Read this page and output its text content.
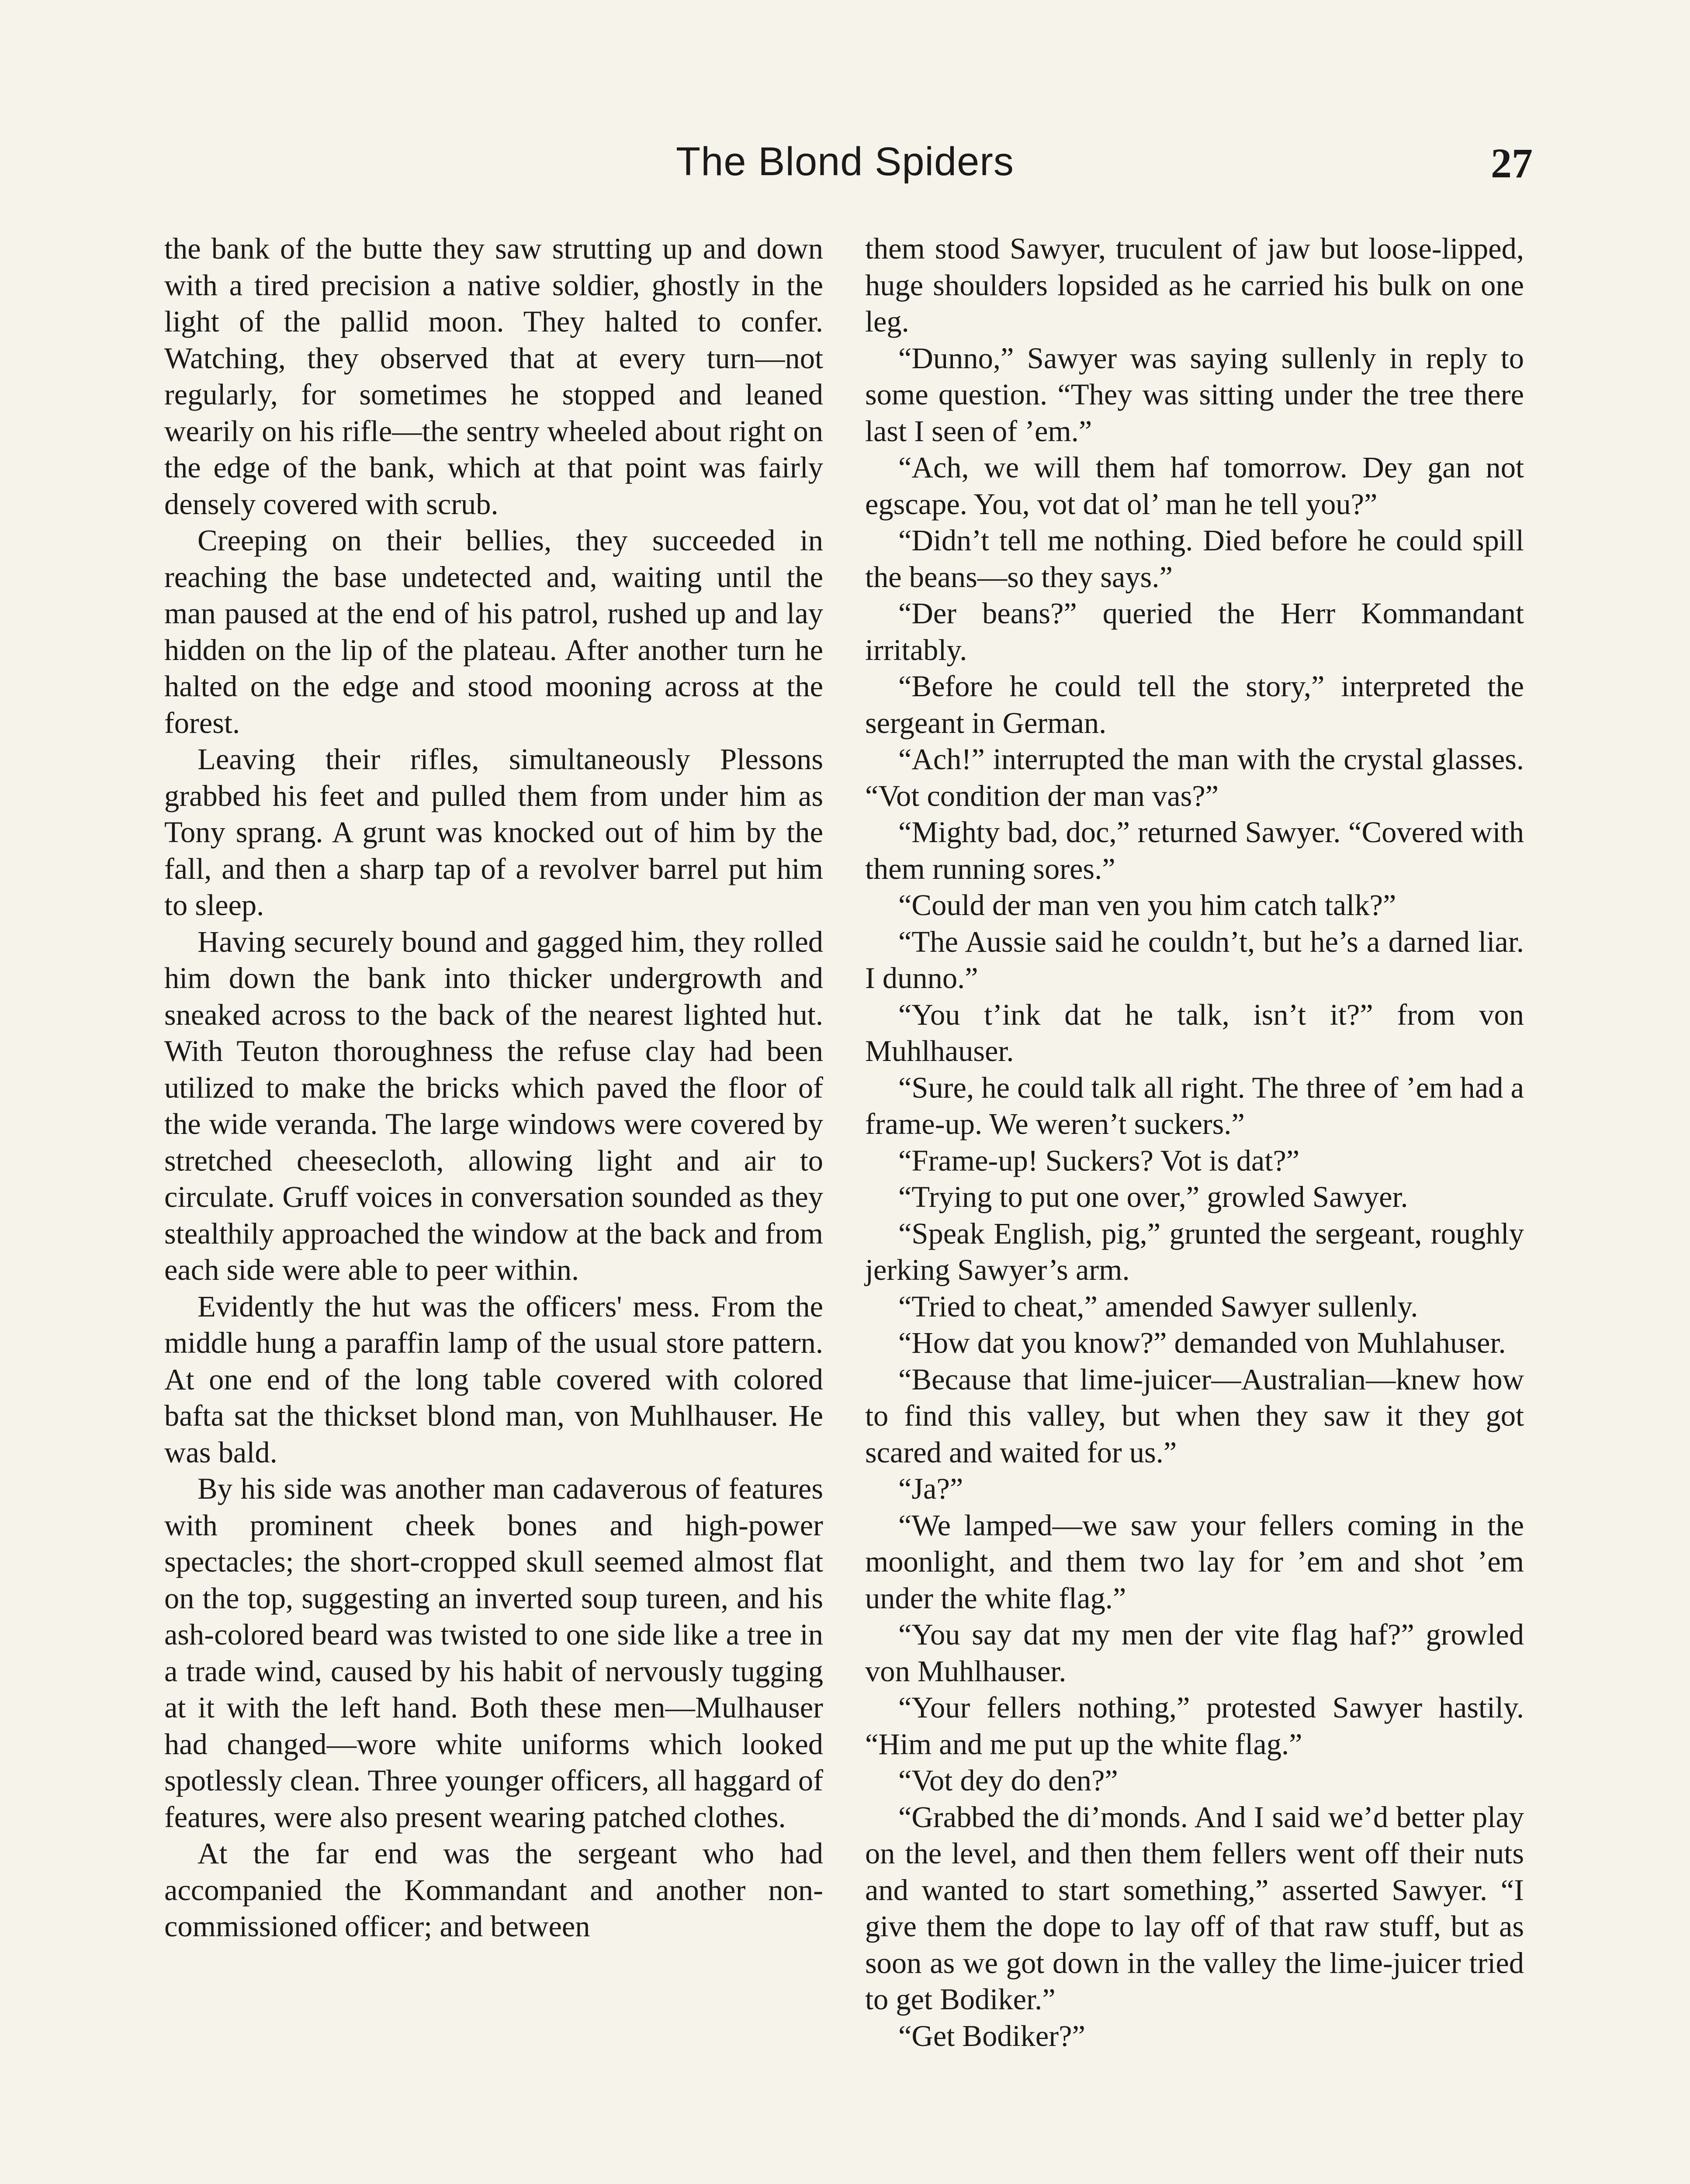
The Blond Spiders	27

the bank of the butte they saw strutting up and down with a tired precision a native soldier, ghostly in the light of the pallid moon. They halted to confer. Watching, they observed that at every turn—not regularly, for sometimes he stopped and leaned wearily on his rifle—the sentry wheeled about right on the edge of the bank, which at that point was fairly densely covered with scrub.

Creeping on their bellies, they succeeded in reaching the base undetected and, waiting until the man paused at the end of his patrol, rushed up and lay hidden on the lip of the plateau. After another turn he halted on the edge and stood mooning across at the forest.

Leaving their rifles, simultaneously Plessons grabbed his feet and pulled them from under him as Tony sprang. A grunt was knocked out of him by the fall, and then a sharp tap of a revolver barrel put him to sleep.

Having securely bound and gagged him, they rolled him down the bank into thicker undergrowth and sneaked across to the back of the nearest lighted hut. With Teuton thoroughness the refuse clay had been utilized to make the bricks which paved the floor of the wide veranda. The large windows were covered by stretched cheesecloth, allowing light and air to circulate. Gruff voices in conversation sounded as they stealthily approached the window at the back and from each side were able to peer within.

Evidently the hut was the officers' mess. From the middle hung a paraffin lamp of the usual store pattern. At one end of the long table covered with colored bafta sat the thickset blond man, von Muhlhauser. He was bald.

By his side was another man cadaverous of features with prominent cheek bones and high-power spectacles; the short-cropped skull seemed almost flat on the top, suggesting an inverted soup tureen, and his ash-colored beard was twisted to one side like a tree in a trade wind, caused by his habit of nervously tugging at it with the left hand. Both these men—Mulhauser had changed—wore white uniforms which looked spotlessly clean. Three younger officers, all haggard of features, were also present wearing patched clothes.

At the far end was the sergeant who had accompanied the Kommandant and another non-commissioned officer; and between

them stood Sawyer, truculent of jaw but loose-lipped, huge shoulders lopsided as he carried his bulk on one leg.

“Dunno,” Sawyer was saying sullenly in reply to some question. “They was sitting under the tree there last I seen of ’em.”

“Ach, we will them haf tomorrow. Dey gan not egscape. You, vot dat ol’ man he tell you?”

“Didn’t tell me nothing. Died before he could spill the beans—so they says.”

“Der beans?” queried the Herr Kommandant irritably.

“Before he could tell the story,” interpreted the sergeant in German.

“Ach!” interrupted the man with the crystal glasses. “Vot condition der man vas?”

“Mighty bad, doc,” returned Sawyer. “Covered with them running sores.”

“Could der man ven you him catch talk?”

“The Aussie said he couldn’t, but he’s a darned liar. I dunno.”

“You t’ink dat he talk, isn’t it?” from von Muhlhauser.

“Sure, he could talk all right. The three of ’em had a frame-up. We weren’t suckers.”

“Frame-up! Suckers? Vot is dat?”

“Trying to put one over,” growled Sawyer.

“Speak English, pig,” grunted the sergeant, roughly jerking Sawyer’s arm.

“Tried to cheat,” amended Sawyer sullenly.

“How dat you know?” demanded von Muhlahuser.

“Because that lime-juicer—Australian—knew how to find this valley, but when they saw it they got scared and waited for us.”

“Ja?”

“We lamped—we saw your fellers coming in the moonlight, and them two lay for ’em and shot ’em under the white flag.”

“You say dat my men der vite flag haf?” growled von Muhlhauser.

“Your fellers nothing,” protested Sawyer hastily. “Him and me put up the white flag.”

“Vot dey do den?”

“Grabbed the di’monds. And I said we’d better play on the level, and then them fellers went off their nuts and wanted to start something,” asserted Sawyer. “I give them the dope to lay off of that raw stuff, but as soon as we got down in the valley the lime-juicer tried to get Bodiker.”

“Get Bodiker?”
